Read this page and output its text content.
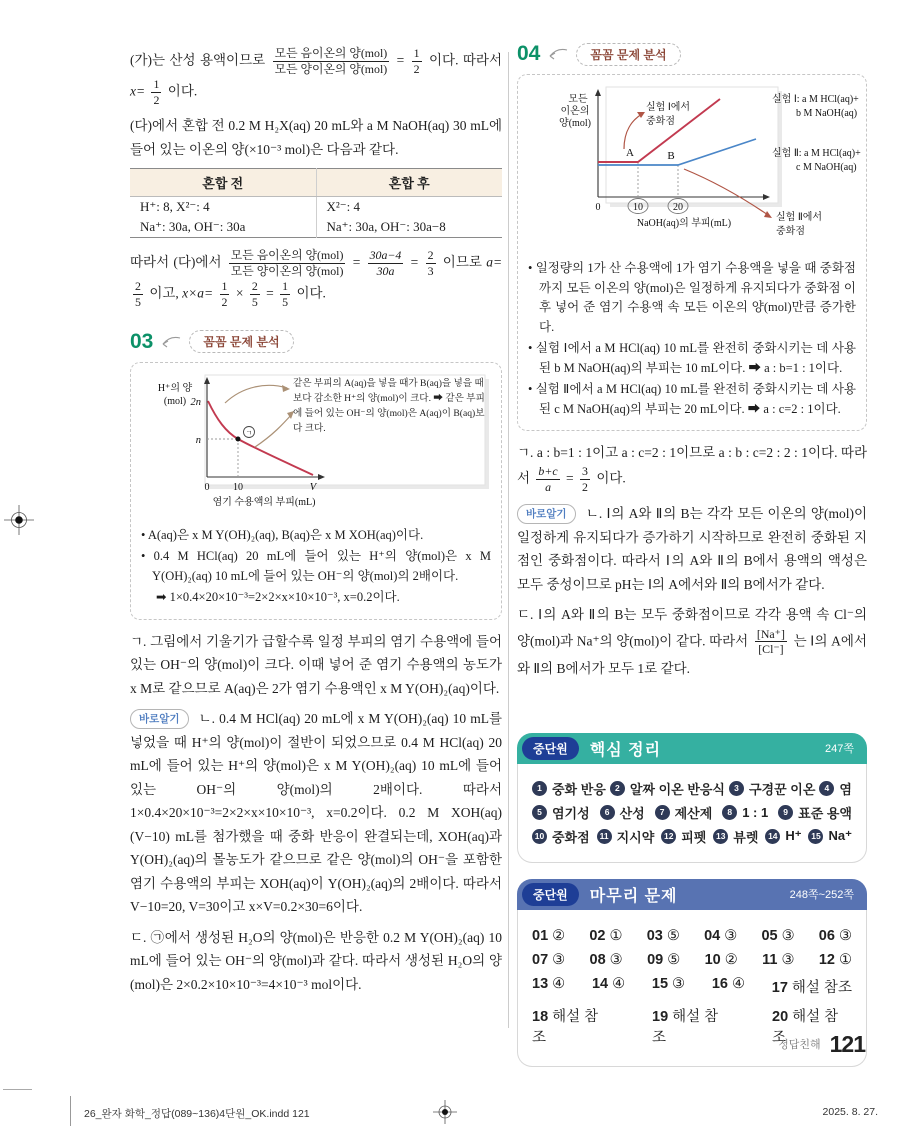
(가)는 산성 용액이므로 $\frac{\text{모든 음이온의 양(mol)}}{\text{모든 양이온의 양(mol)}} = \frac{1}{2}$ 이다. 따라서 $x= \frac{1}{2}$ 이다.

(다)에서 혼합 전 0.2 M H₂X(aq) 20 mL와 a M NaOH(aq) 30 mL에 들어 있는 이온의 양(×10⁻³ mol)은 다음과 같다.

혼합 전	혼합 후
H⁺: 8, X²⁻: 4	X²⁻: 4
Na⁺: 30a, OH⁻: 30a	Na⁺: 30a, OH⁻: 30a−8

따라서 (다)에서 $\frac{\text{모든 음이온의 양(mol)}}{\text{모든 양이온의 양(mol)}} = \frac{30a-4}{30a} = \frac{2}{3}$ 이므로 a=
$\frac{2}{5}$ 이고, $x\times a= \frac{1}{2} \times \frac{2}{5} = \frac{1}{5}$ 이다.

03	꼼꼼 문제 분석
ㄱ
H⁺의 양
(mol) 2n
n
0 10	V
염기 수용액의 부피(mL)
같은 부피의 A(aq)을 넣을 때가 B(aq)을 넣을 때보다 감소한 H⁺의 양(mol)이 크다. ➡ 같은 부피에 들어 있는 OH⁻의 양(mol)은 A(aq)이 B(aq)보다 크다.
• A(aq)은 x M Y(OH)₂(aq), B(aq)은 x M XOH(aq)이다.
• 0.4 M HCl(aq) 20 mL에 들어 있는 H⁺의 양(mol)은 x M Y(OH)₂(aq) 10 mL에 들어 있는 OH⁻의 양(mol)의 2배이다.
➡ 1×0.4×20×10⁻³=2×2×x×10×10⁻³, x=0.2이다.

ㄱ. 그림에서 기울기가 급할수록 일정 부피의 염기 수용액에 들어 있는 OH⁻의 양(mol)이 크다. 이때 넣어 준 염기 수용액의 농도가 x M로 같으므로 A(aq)은 2가 염기 수용액인 x M Y(OH)₂(aq)이다.

바로알기 ㄴ. 0.4 M HCl(aq) 20 mL에 x M Y(OH)₂(aq) 10 mL를 넣었을 때 H⁺의 양(mol)이 절반이 되었으므로 0.4 M HCl(aq) 20 mL에 들어 있는 H⁺의 양(mol)은 x M Y(OH)₂(aq) 10 mL에 들어 있는 OH⁻의 양(mol)의 2배이다. 따라서 1×0.4×20×10⁻³=2×2×x×10×10⁻³, x=0.2이다. 0.2 M XOH(aq) (V−10) mL를 첨가했을 때 중화 반응이 완결되는데, XOH(aq)과 Y(OH)₂(aq)의 몰농도가 같으므로 같은 양(mol)의 OH⁻을 포함한 염기 수용액의 부피는 XOH(aq)이 Y(OH)₂(aq)의 2배이다. 따라서 V−10=20, V=30이고 x×V=0.2×30=6이다.

ㄷ. ㉠에서 생성된 H₂O의 양(mol)은 반응한 0.2 M Y(OH)₂(aq) 10 mL에 들어 있는 OH⁻의 양(mol)과 같다. 따라서 생성된 H₂O의 양(mol)은 2×0.2×10×10⁻³=4×10⁻³ mol이다.

04	꼼꼼 문제 분석
A	B
모든
이온의
양(mol)
0	10	20
NaOH(aq)의 부피(mL)
실험 Ⅰ에서
중화점
실험 Ⅰ: a M HCl(aq)+
b M NaOH(aq)
실험 Ⅱ: a M HCl(aq)+
c M NaOH(aq)
실험 Ⅱ에서
중화점
• 일정량의 1가 산 수용액에 1가 염기 수용액을 넣을 때 중화점까지 모든 이온의 양(mol)은 일정하게 유지되다가 중화점 이후 넣어 준 염기 수용액 속 모든 이온의 양(mol)만큼 증가한다.
• 실험 Ⅰ에서 a M HCl(aq) 10 mL를 완전히 중화시키는 데 사용된 b M NaOH(aq)의 부피는 10 mL이다. ➡ a : b=1 : 1이다.
• 실험 Ⅱ에서 a M HCl(aq) 10 mL를 완전히 중화시키는 데 사용된 c M NaOH(aq)의 부피는 20 mL이다. ➡ a : c=2 : 1이다.

ㄱ. a : b=1 : 1이고 a : c=2 : 1이므로 a : b : c=2 : 2 : 1이다. 따라서 $\frac{b+c}{a} = \frac{3}{2}$ 이다.

바로알기 ㄴ. Ⅰ의 A와 Ⅱ의 B는 각각 모든 이온의 양(mol)이 일정하게 유지되다가 증가하기 시작하므로 완전히 중화된 지점인 중화점이다. 따라서 Ⅰ의 A와 Ⅱ의 B에서 용액의 액성은 모두 중성이므로 pH는 Ⅰ의 A에서와 Ⅱ의 B에서가 같다.

ㄷ. Ⅰ의 A와 Ⅱ의 B는 모두 중화점이므로 각각 용액 속 Cl⁻의 양(mol)과 Na⁺의 양(mol)이 같다. 따라서 $\frac{[Na^+]}{[Cl^-]}$ 는 Ⅰ의 A에서와 Ⅱ의 B에서가 모두 1로 같다.

중단원	핵심 정리	247쪽
1 중화 반응	2 알짜 이온 반응식	3 구경꾼 이온	4 염
5 염기성	6 산성	7 제산제	8 1 : 1	9 표준 용액
10 중화점	11 지시약	12 피펫	13 뷰렛	14 H⁺	15 Na⁺
중단원	마무리 문제	248쪽~252쪽
01 ② 02 ① 03 ⑤ 04 ③ 05 ③ 06 ③
07 ③ 08 ③ 09 ⑤ 10 ② 11 ③ 12 ①
13 ④ 14 ④ 15 ③ 16 ④ 17 해설 참조
18 해설 참조
19 해설 참조
20 해설 참조
$^{정답친해}$ 121
26_완자 화학_정답(089~136)4단원_OK.indd 121	2025. 8. 27.
